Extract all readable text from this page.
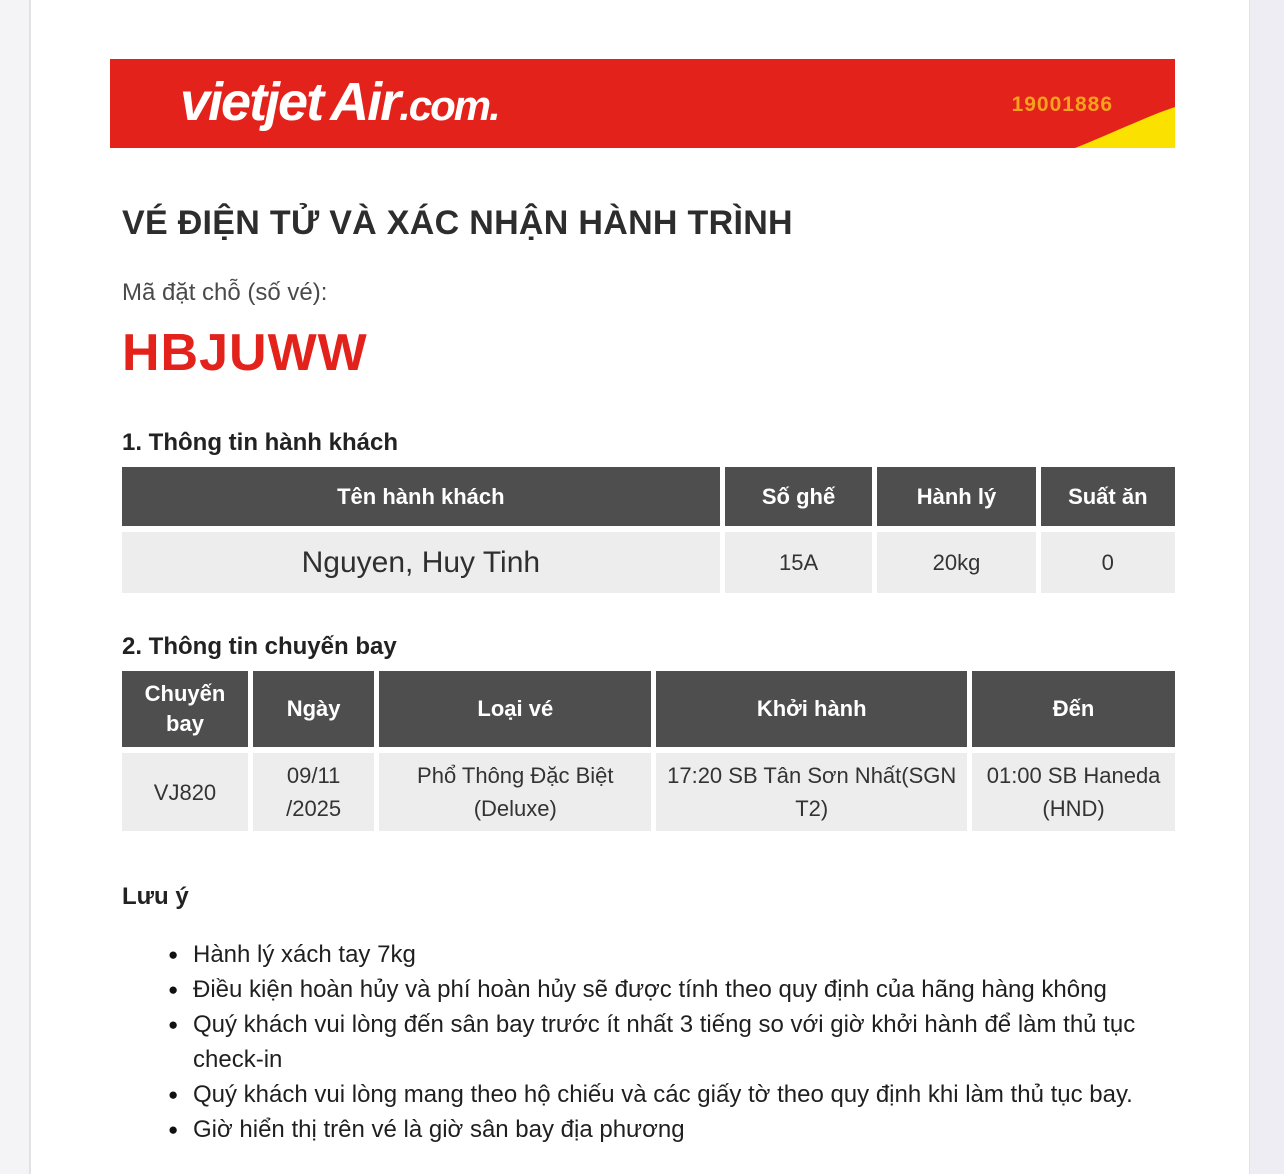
vietjet Air.com.	19001886
VÉ ĐIỆN TỬ VÀ XÁC NHẬN HÀNH TRÌNH
Mã đặt chỗ (số vé):
HBJUWW
1. Thông tin hành khách
Tên hành khách	Số ghế	Hành lý	Suất ăn
Nguyen, Huy Tinh	15A	20kg	0
2. Thông tin chuyến bay
Chuyến bay	Ngày	Loại vé	Khởi hành	Đến
VJ820	09/11 /2025	Phổ Thông Đặc Biệt (Deluxe)	17:20 SB Tân Sơn Nhất(SGN T2)	01:00 SB Haneda (HND)
Lưu ý
● Hành lý xách tay 7kg
● Điều kiện hoàn hủy và phí hoàn hủy sẽ được tính theo quy định của hãng hàng không
● Quý khách vui lòng đến sân bay trước ít nhất 3 tiếng so với giờ khởi hành để làm thủ tục check-in
● Quý khách vui lòng mang theo hộ chiếu và các giấy tờ theo quy định khi làm thủ tục bay.
● Giờ hiển thị trên vé là giờ sân bay địa phương
